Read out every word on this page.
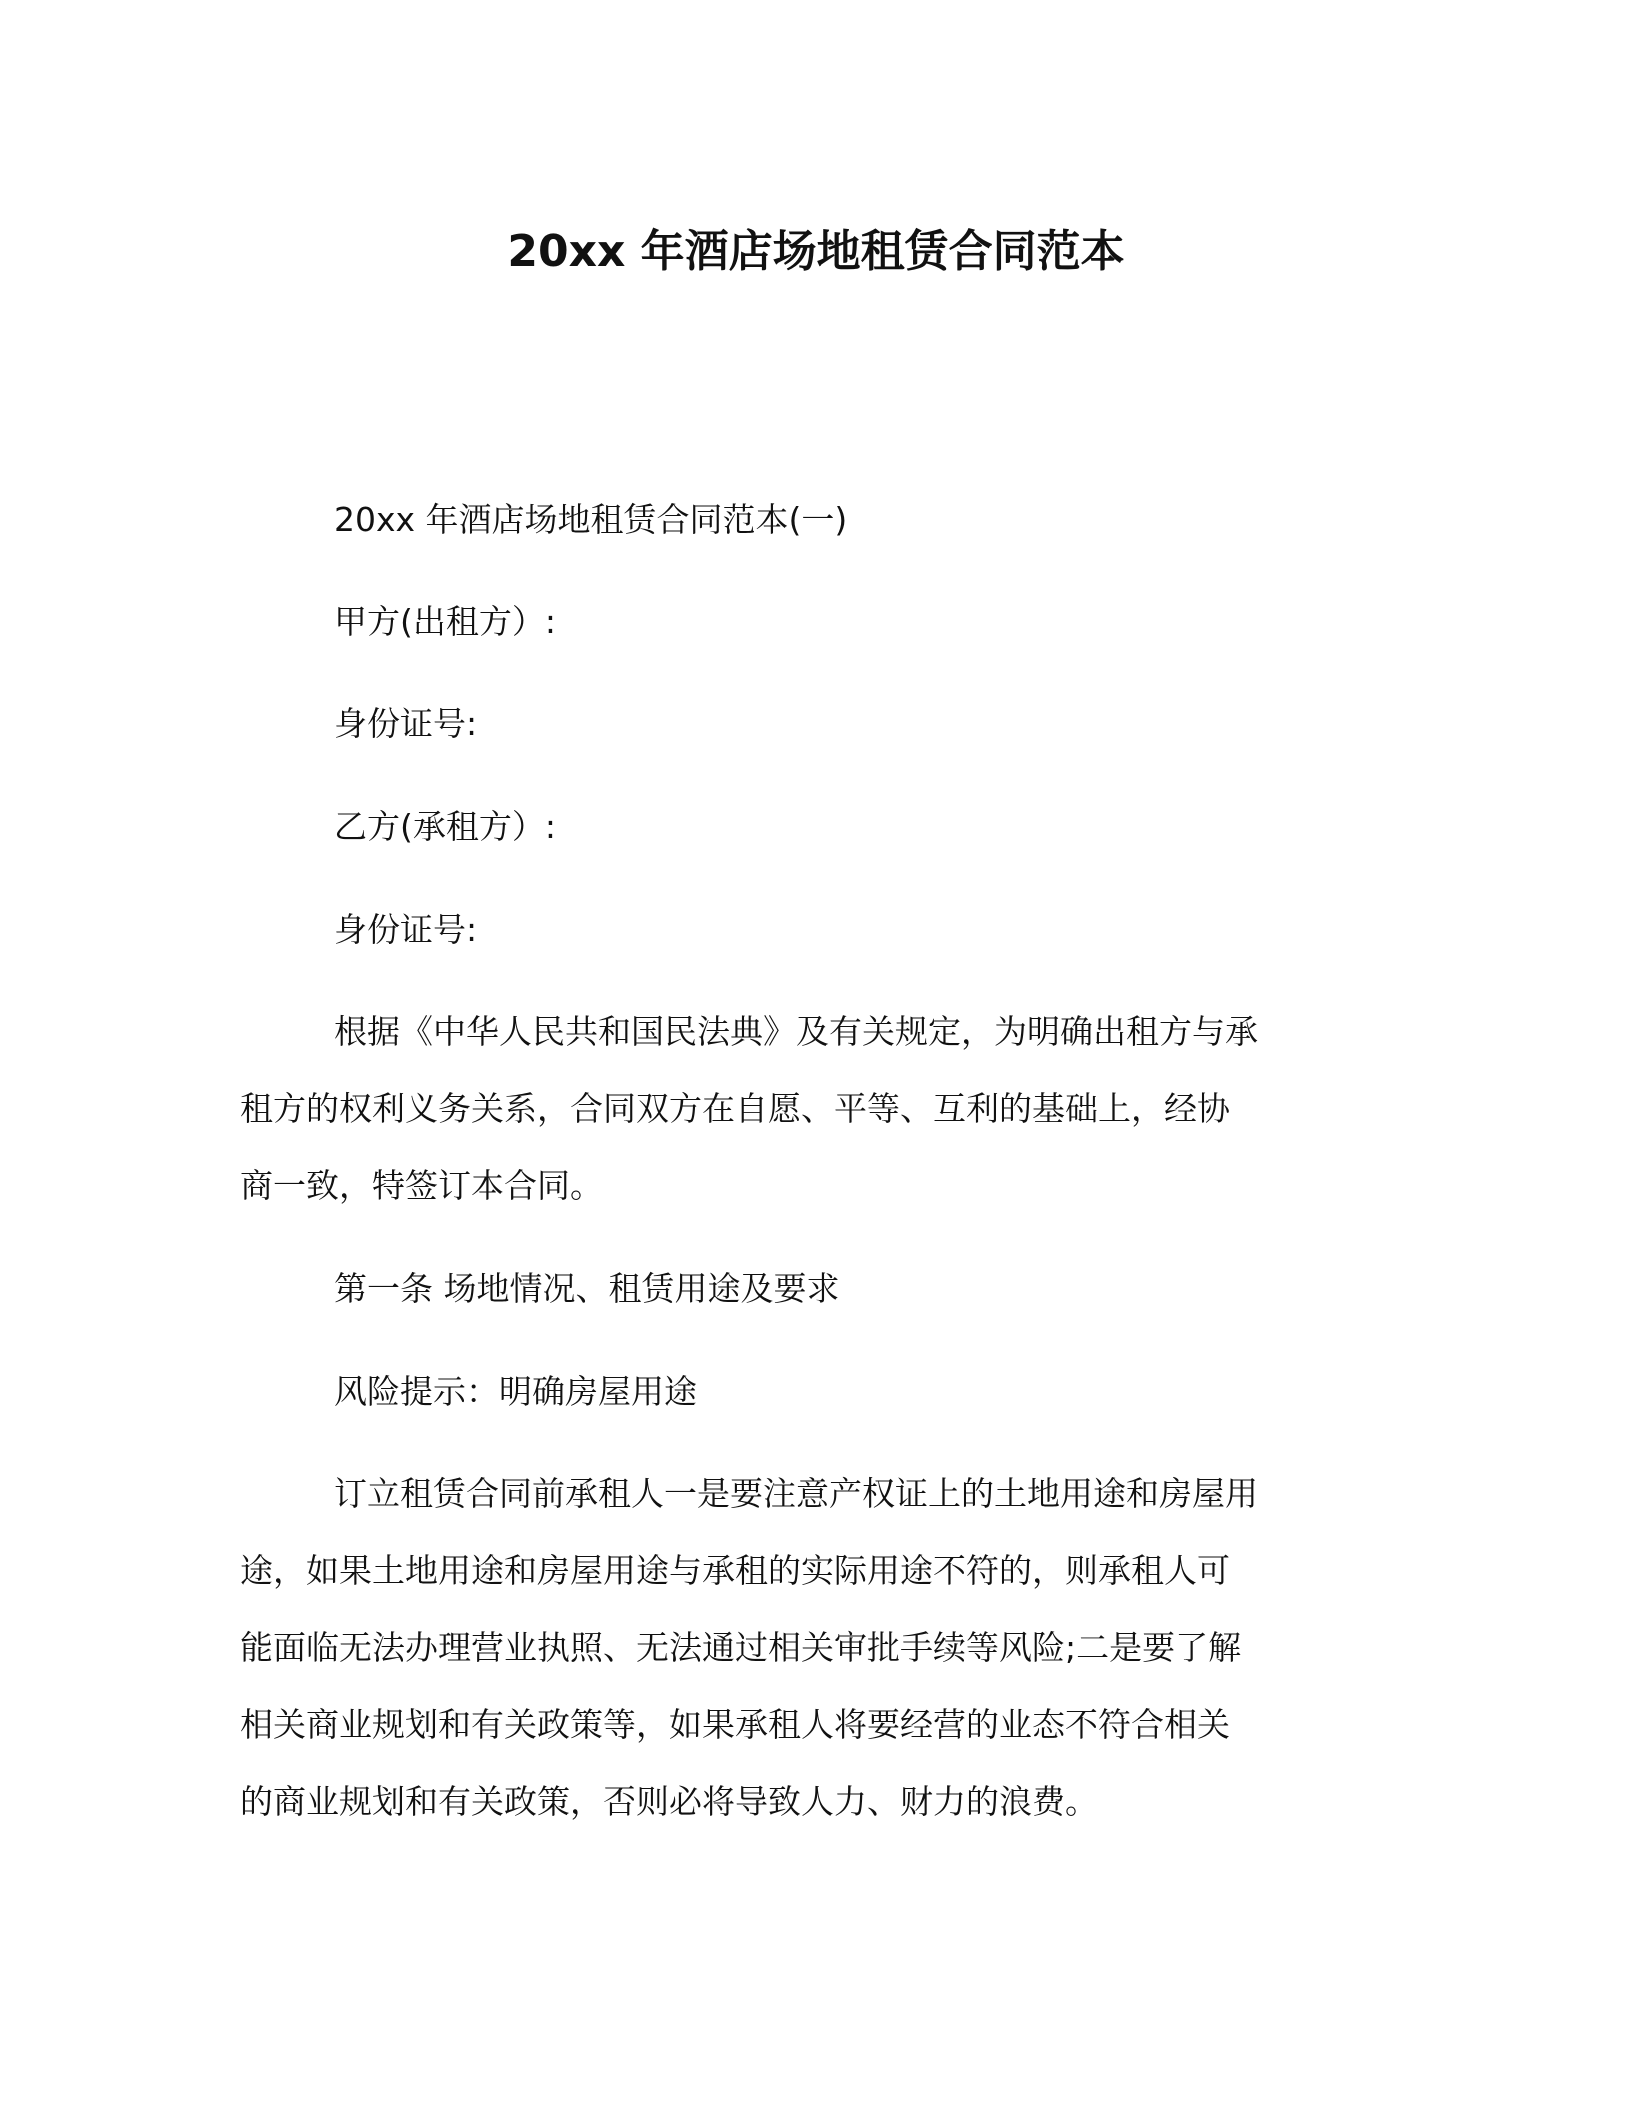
20xx 年酒店场地租赁合同范本

20xx 年酒店场地租赁合同范本(一)

甲方(出租方）:

身份证号:

乙方(承租方）:

身份证号:

根据《中华人民共和国民法典》及有关规定，为明确出租方与承

租方的权利义务关系，合同双方在自愿、平等、互利的基础上，经协

商一致，特签订本合同。

第一条 场地情况、租赁用途及要求

风险提示：明确房屋用途

订立租赁合同前承租人一是要注意产权证上的土地用途和房屋用

途，如果土地用途和房屋用途与承租的实际用途不符的，则承租人可

能面临无法办理营业执照、无法通过相关审批手续等风险;二是要了解

相关商业规划和有关政策等，如果承租人将要经营的业态不符合相关

的商业规划和有关政策，否则必将导致人力、财力的浪费。
